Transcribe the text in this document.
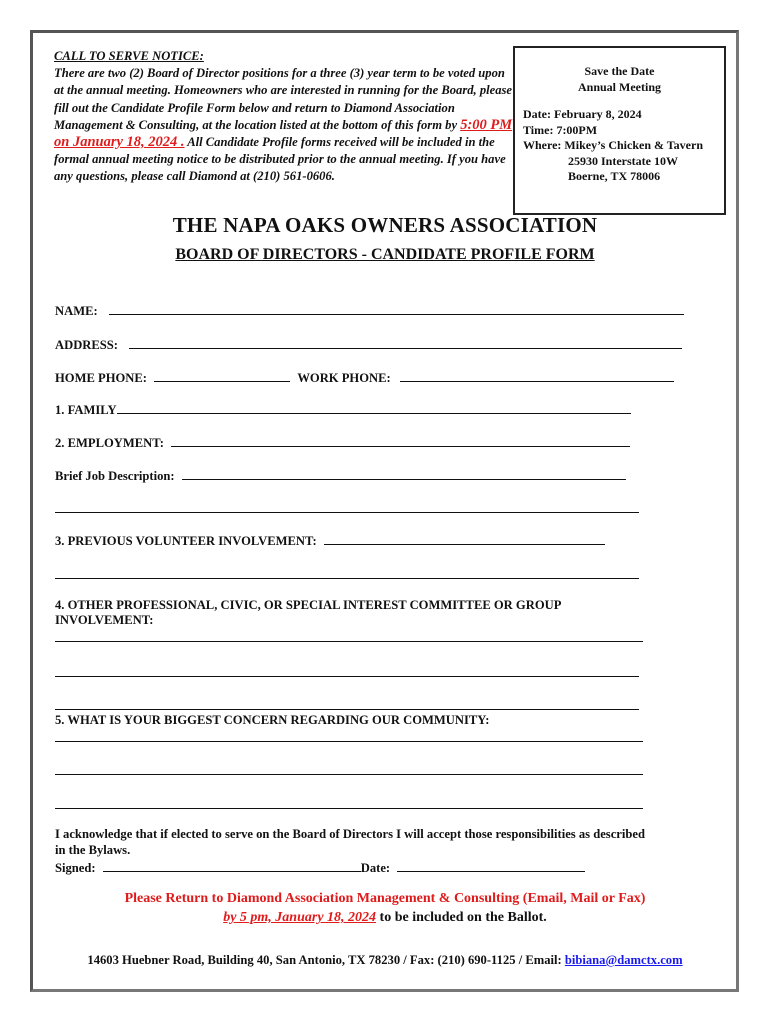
CALL TO SERVE NOTICE:
There are two (2) Board of Director positions for a three (3) year term to be voted upon at the annual meeting. Homeowners who are interested in running for the Board, please fill out the Candidate Profile Form below and return to Diamond Association Management & Consulting, at the location listed at the bottom of this form by 5:00 PM on January 18, 2024 . All Candidate Profile forms received will be included in the formal annual meeting notice to be distributed prior to the annual meeting. If you have any questions, please call Diamond at (210) 561-0606.
Save the Date
Annual Meeting
Date: February 8, 2024
Time: 7:00PM
Where: Mikey’s Chicken & Tavern
25930 Interstate 10W
Boerne, TX 78006
THE NAPA OAKS OWNERS ASSOCIATION
BOARD OF DIRECTORS - CANDIDATE PROFILE FORM
NAME:
ADDRESS:
HOME PHONE:	WORK PHONE:
1. FAMILY
2. EMPLOYMENT:
Brief Job Description:
3. PREVIOUS VOLUNTEER INVOLVEMENT:
4. OTHER PROFESSIONAL, CIVIC, OR SPECIAL INTEREST COMMITTEE OR GROUP
INVOLVEMENT:
5. WHAT IS YOUR BIGGEST CONCERN REGARDING OUR COMMUNITY:
I acknowledge that if elected to serve on the Board of Directors I will accept those responsibilities as described in the Bylaws.
Signed:	Date:
Please Return to Diamond Association Management & Consulting (Email, Mail or Fax)
by 5 pm, January 18, 2024 to be included on the Ballot.
14603 Huebner Road, Building 40, San Antonio, TX 78230 / Fax: (210) 690-1125 / Email: bibiana@damctx.com
